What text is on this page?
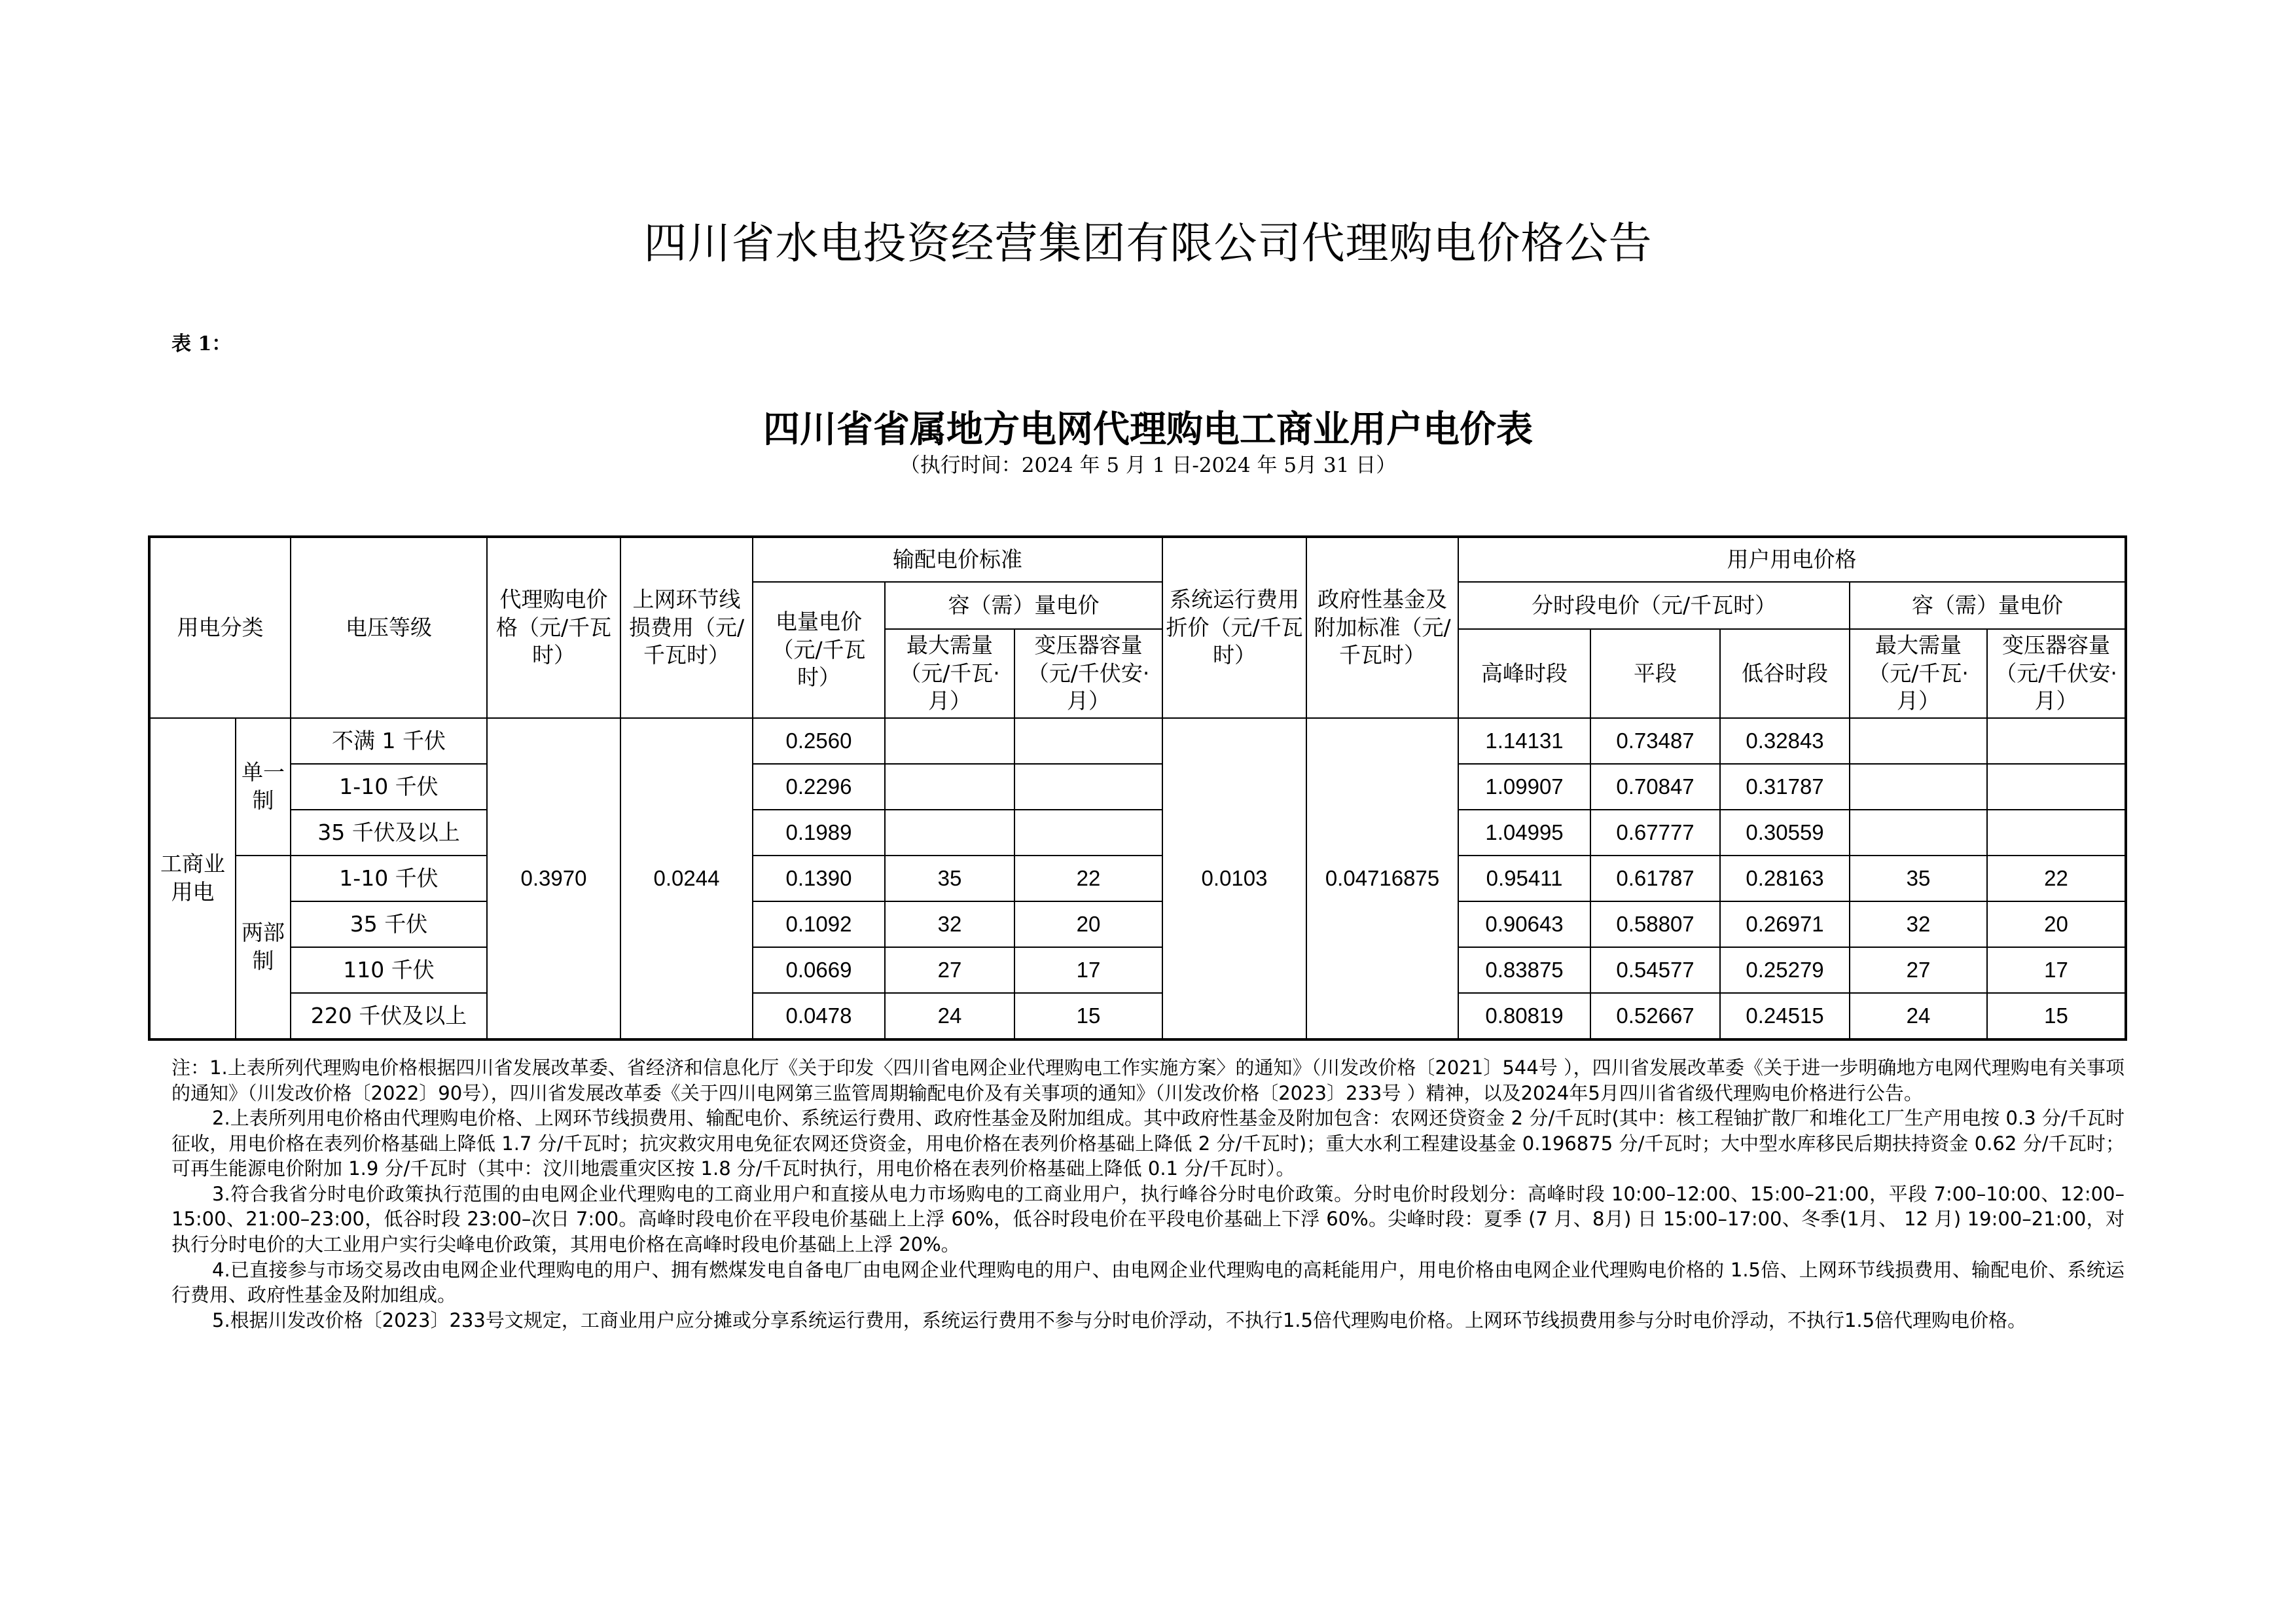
四川省水电投资经营集团有限公司代理购电价格公告
表 1：
四川省省属地方电网代理购电工商业用户电价表
（执行时间：2024 年 5 月 1 日-2024 年 5月 31 日）
用电分类		电压等级	代理购电价格（元/千瓦时）	上网环节线损费用（元/千瓦时）	输配电价标准			系统运行费用折价（元/千瓦时）	政府性基金及附加标准（元/千瓦时）	用户用电价格				
					电量电价（元/千瓦时）	容（需）量电价				分时段电价（元/千瓦时）			容（需）量电价	
						最大需量（元/千瓦·月）	变压器容量（元/千伏安·月）			高峰时段	平段	低谷时段	最大需量（元/千瓦·月）	变压器容量（元/千伏安·月）
工商业用电	单一制	不满 1 千伏	0.3970	0.0244	0.2560			0.0103	0.04716875	1.14131	0.73487	0.32843		
		1-10 千伏			0.2296					1.09907	0.70847	0.31787		
		35 千伏及以上			0.1989					1.04995	0.67777	0.30559		
	两部制	1-10 千伏			0.1390	35	22			0.95411	0.61787	0.28163	35	22
		35 千伏			0.1092	32	20			0.90643	0.58807	0.26971	32	20
		110 千伏			0.0669	27	17			0.83875	0.54577	0.25279	27	17
		220 千伏及以上			0.0478	24	15			0.80819	0.52667	0.24515	24	15

注：1.上表所列代理购电价格根据四川省发展改革委、省经济和信息化厅《关于印发〈四川省电网企业代理购电工作实施方案〉的通知》（川发改价格〔2021〕544号 ），四川省发展改革委《关于进一步明确地方电网代理购电有关事项的通知》（川发改价格〔2022〕90号），四川省发展改革委《关于四川电网第三监管周期输配电价及有关事项的通知》（川发改价格〔2023〕233号 ）精神，以及2024年5月四川省省级代理购电价格进行公告。

2.上表所列用电价格由代理购电价格、上网环节线损费用、输配电价、系统运行费用、政府性基金及附加组成。其中政府性基金及附加包含：农网还贷资金 2 分/千瓦时(其中：核工程铀扩散厂和堆化工厂生产用电按 0.3 分/千瓦时征收，用电价格在表列价格基础上降低 1.7 分/千瓦时；抗灾救灾用电免征农网还贷资金，用电价格在表列价格基础上降低 2 分/千瓦时)；重大水利工程建设基金 0.196875 分/千瓦时；大中型水库移民后期扶持资金 0.62 分/千瓦时；可再生能源电价附加 1.9 分/千瓦时（其中：汶川地震重灾区按 1.8 分/千瓦时执行，用电价格在表列价格基础上降低 0.1 分/千瓦时）。

3.符合我省分时电价政策执行范围的由电网企业代理购电的工商业用户和直接从电力市场购电的工商业用户，执行峰谷分时电价政策。分时电价时段划分：高峰时段 10:00–12:00、15:00–21:00，平段 7:00–10:00、12:00–15:00、21:00–23:00，低谷时段 23:00–次日 7:00。高峰时段电价在平段电价基础上上浮 60%，低谷时段电价在平段电价基础上下浮 60%。尖峰时段：夏季 (7 月、8月) 日 15:00–17:00、冬季(1月、 12 月) 19:00–21:00，对执行分时电价的大工业用户实行尖峰电价政策，其用电价格在高峰时段电价基础上上浮 20%。

4.已直接参与市场交易改由电网企业代理购电的用户、拥有燃煤发电自备电厂由电网企业代理购电的用户、由电网企业代理购电的高耗能用户，用电价格由电网企业代理购电价格的 1.5倍、上网环节线损费用、输配电价、系统运行费用、政府性基金及附加组成。

5.根据川发改价格〔2023〕233号文规定，工商业用户应分摊或分享系统运行费用，系统运行费用不参与分时电价浮动，不执行1.5倍代理购电价格。上网环节线损费用参与分时电价浮动，不执行1.5倍代理购电价格。
